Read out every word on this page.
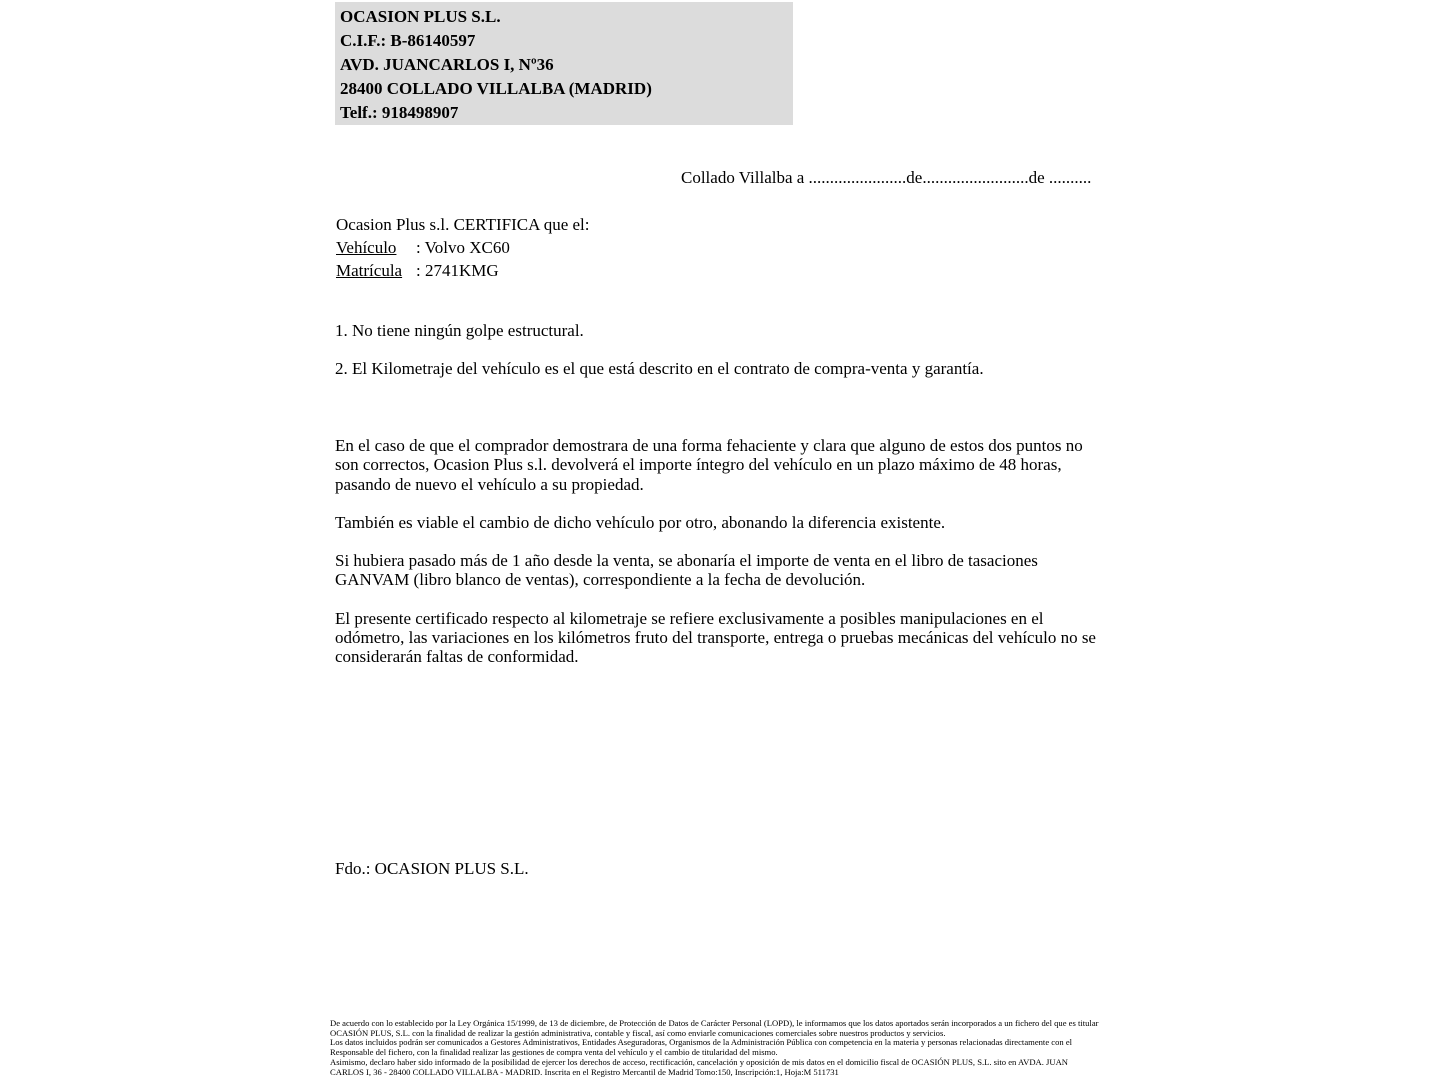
OCASION PLUS S.L.
C.I.F.: B-86140597
AVD. JUANCARLOS I, Nº36
28400 COLLADO VILLALBA (MADRID)
Telf.: 918498907
Collado Villalba a .......................de.........................de ..........
Ocasion Plus s.l. CERTIFICA que el:
Vehículo : Volvo XC60
Matrícula : 2741KMG
1. No tiene ningún golpe estructural.
2. El Kilometraje del vehículo es el que está descrito en el contrato de compra-venta y garantía.
En el caso de que el comprador demostrara de una forma fehaciente y clara que alguno de estos dos puntos no son correctos, Ocasion Plus s.l. devolverá el importe íntegro del vehículo en un plazo máximo de 48 horas, pasando de nuevo el vehículo a su propiedad.
También es viable el cambio de dicho vehículo por otro, abonando la diferencia existente.
Si hubiera pasado más de 1 año desde la venta, se abonaría el importe de venta en el libro de tasaciones GANVAM (libro blanco de ventas), correspondiente a la fecha de devolución.
El presente certificado respecto al kilometraje se refiere exclusivamente a posibles manipulaciones en el odómetro, las variaciones en los kilómetros fruto del transporte, entrega o pruebas mecánicas del vehículo no se considerarán faltas de conformidad.
Fdo.: OCASION PLUS S.L.
De acuerdo con lo establecido por la Ley Orgánica 15/1999, de 13 de diciembre, de Protección de Datos de Carácter Personal (LOPD), le informamos que los datos aportados serán incorporados a un fichero del que es titular OCASIÓN PLUS, S.L. con la finalidad de realizar la gestión administrativa, contable y fiscal, así como enviarle comunicaciones comerciales sobre nuestros productos y servicios.
Los datos incluidos podrán ser comunicados a Gestores Administrativos, Entidades Aseguradoras, Organismos de la Administración Pública con competencia en la materia y personas relacionadas directamente con el Responsable del fichero, con la finalidad realizar las gestiones de compra venta del vehículo y el cambio de titularidad del mismo.
Asimismo, declaro haber sido informado de la posibilidad de ejercer los derechos de acceso, rectificación, cancelación y oposición de mis datos en el domicilio fiscal de OCASIÓN PLUS, S.L. sito en AVDA. JUAN CARLOS I, 36 - 28400 COLLADO VILLALBA - MADRID. Inscrita en el Registro Mercantil de Madrid Tomo:150, Inscripción:1, Hoja:M 511731
